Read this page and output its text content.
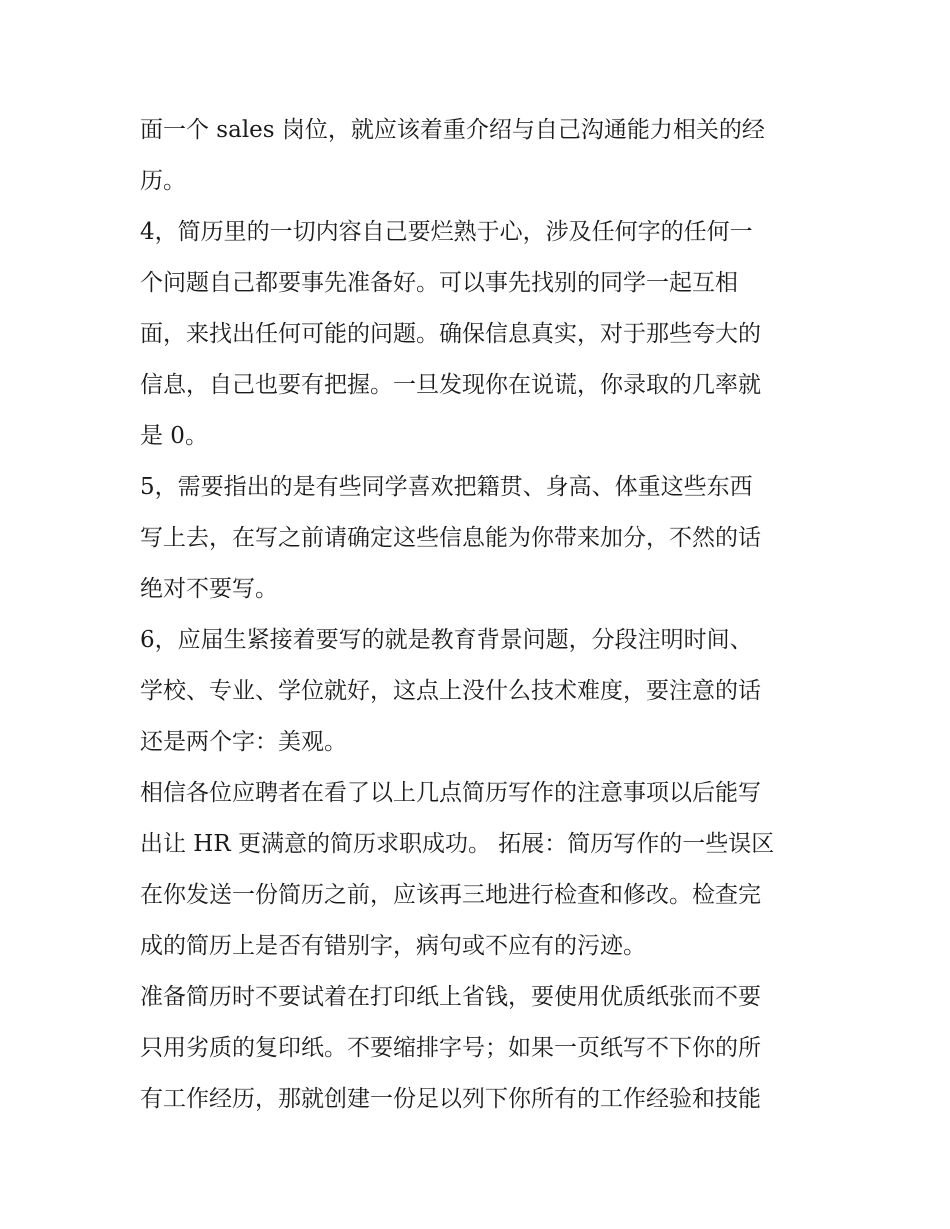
面一个 sales 岗位，就应该着重介绍与自己沟通能力相关的经
历。
4，简历里的一切内容自己要烂熟于心，涉及任何字的任何一
个问题自己都要事先准备好。可以事先找别的同学一起互相
面，来找出任何可能的问题。确保信息真实，对于那些夸大的
信息，自己也要有把握。一旦发现你在说谎，你录取的几率就
是 0。
5，需要指出的是有些同学喜欢把籍贯、身高、体重这些东西
写上去，在写之前请确定这些信息能为你带来加分，不然的话
绝对不要写。
6，应届生紧接着要写的就是教育背景问题，分段注明时间、
学校、专业、学位就好，这点上没什么技术难度，要注意的话
还是两个字：美观。
相信各位应聘者在看了以上几点简历写作的注意事项以后能写
出让 HR 更满意的简历求职成功。 拓展：简历写作的一些误区
在你发送一份简历之前，应该再三地进行检查和修改。检查完
成的简历上是否有错别字，病句或不应有的污迹。
准备简历时不要试着在打印纸上省钱，要使用优质纸张而不要
只用劣质的复印纸。不要缩排字号；如果一页纸写不下你的所
有工作经历，那就创建一份足以列下你所有的工作经验和技能
